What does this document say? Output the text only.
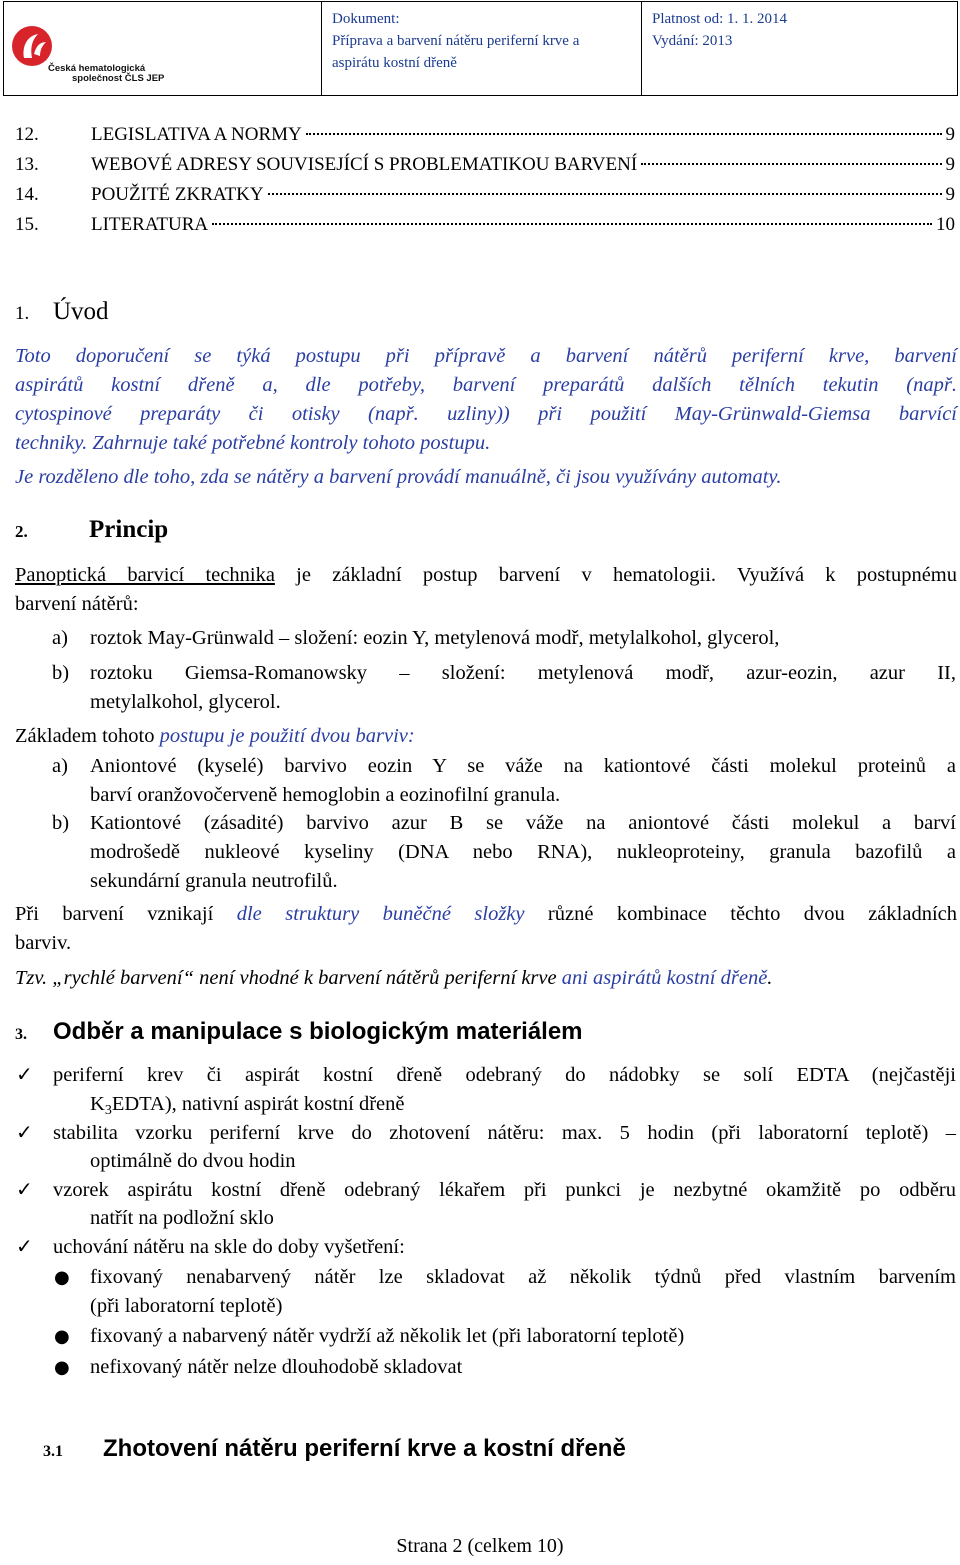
Česká hematologická
společnost ČLS JEP
Dokument:
Příprava a barvení nátěru periferní krve a
aspirátu kostní dřeně
Platnost od: 1. 1. 2014
Vydání: 2013
12.	LEGISLATIVA A NORMY	9
13.	WEBOVÉ ADRESY SOUVISEJÍCÍ S PROBLEMATIKOU BARVENÍ	9
14.	POUŽITÉ ZKRATKY	9
15.	LITERATURA	10
1. Úvod
Toto doporučení se týká postupu při přípravě a barvení nátěrů periferní krve, barvení
aspirátů kostní dřeně a, dle potřeby, barvení preparátů dalších tělních tekutin (např.
cytospinové preparáty či otisky (např. uzliny)) při použití May-Grünwald-Giemsa barvící
techniky. Zahrnuje také potřebné kontroly tohoto postupu.
Je rozděleno dle toho, zda se nátěry a barvení provádí manuálně, či jsou využívány automaty.
2. Princip
Panoptická barvicí technika je základní postup barvení v hematologii. Využívá k postupnému
barvení nátěrů:
a)	roztok May-Grünwald – složení: eozin Y, metylenová modř, metylalkohol, glycerol,
b)	roztoku Giemsa-Romanowsky – složení: metylenová modř, azur-eozin, azur II,
metylalkohol, glycerol.
Základem tohoto postupu je použití dvou barviv:
a)	Aniontové (kyselé) barvivo eozin Y se váže na kationtové části molekul proteinů a
barví oranžovočerveně hemoglobin a eozinofilní granula.
b)	Kationtové (zásadité) barvivo azur B se váže na aniontové části molekul a barví
modrošedě nukleové kyseliny (DNA nebo RNA), nukleoproteiny, granula bazofilů a
sekundární granula neutrofilů.
Při barvení vznikají dle struktury buněčné složky různé kombinace těchto dvou základních
barviv.
Tzv. „rychlé barvení“ není vhodné k barvení nátěrů periferní krve ani aspirátů kostní dřeně.
3. Odběr a manipulace s biologickým materiálem
✓ periferní krev či aspirát kostní dřeně odebraný do nádobky se solí EDTA (nejčastěji
K3EDTA), nativní aspirát kostní dřeně
✓ stabilita vzorku periferní krve do zhotovení nátěru: max. 5 hodin (při laboratorní teplotě) –
optimálně do dvou hodin
✓ vzorek aspirátu kostní dřeně odebraný lékařem při punkci je nezbytné okamžitě po odběru
natřít na podložní sklo
✓ uchování nátěru na skle do doby vyšetření:
● fixovaný nenabarvený nátěr lze skladovat až několik týdnů před vlastním barvením
(při laboratorní teplotě)
● fixovaný a nabarvený nátěr vydrží až několik let (při laboratorní teplotě)
● nefixovaný nátěr nelze dlouhodobě skladovat
3.1 Zhotovení nátěru periferní krve a kostní dřeně
Strana 2 (celkem 10)
